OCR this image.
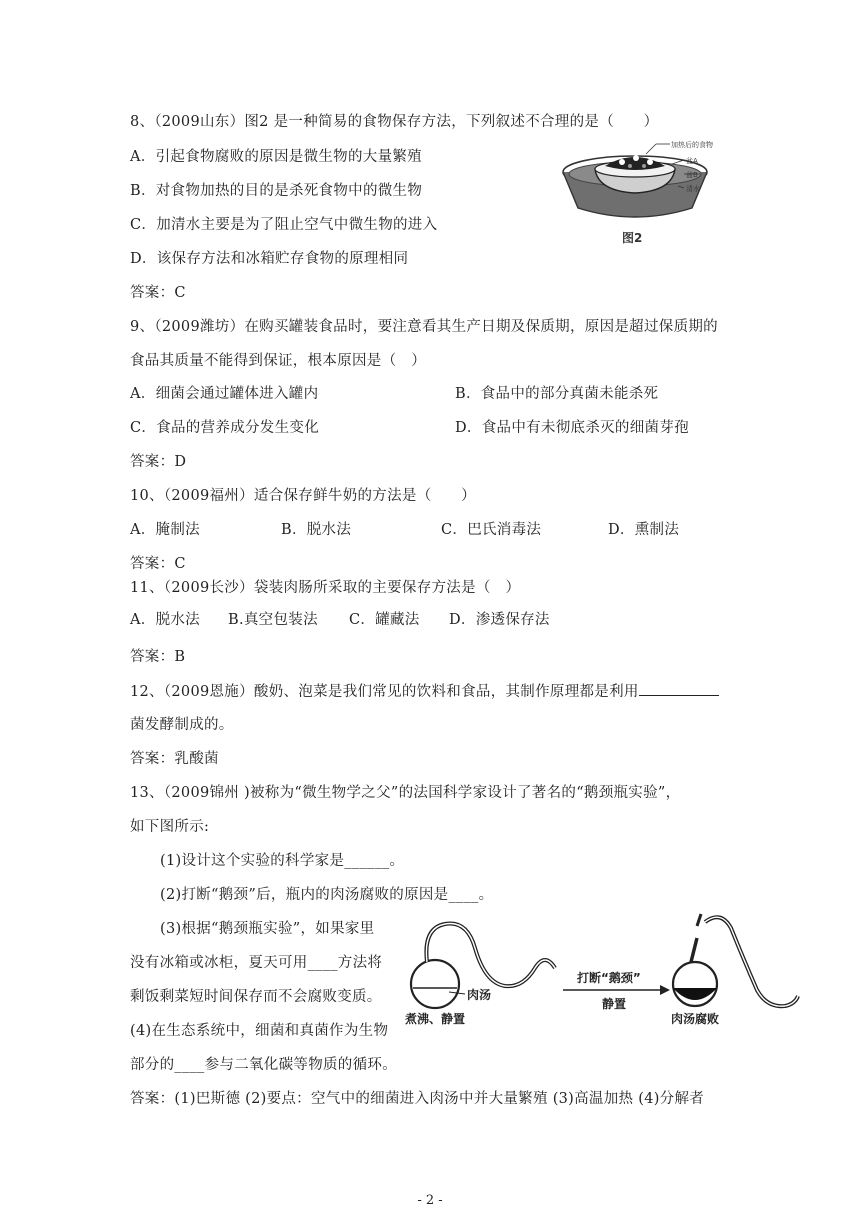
8、（2009山东）图2 是一种简易的食物保存方法，下列叙述不合理的是（　　）
A．引起食物腐败的原因是微生物的大量繁殖
B．对食物加热的目的是杀死食物中的微生物
C．加清水主要是为了阻止空气中微生物的进入
D．该保存方法和冰箱贮存食物的原理相同
答案：C
加热后的食物
盆A
盆B
清水
图2
9、（2009潍坊）在购买罐装食品时，要注意看其生产日期及保质期，原因是超过保质期的
食品其质量不能得到保证，根本原因是（　）
A．细菌会通过罐体进入罐内	B．食品中的部分真菌未能杀死
C．食品的营养成分发生变化	D．食品中有未彻底杀灭的细菌芽孢
答案：D
10、（2009福州）适合保存鲜牛奶的方法是（　　）
A．腌制法	B．脱水法	C．巴氏消毒法	D．熏制法
答案：C
11、（2009长沙）袋装肉肠所采取的主要保存方法是（　）
A．脱水法 B.真空包装法 C．罐藏法 D．渗透保存法
答案：B
12、（2009恩施）酸奶、泡菜是我们常见的饮料和食品，其制作原理都是利用
菌发酵制成的。
答案：乳酸菌
13、（2009锦州 )被称为“微生物学之父”的法国科学家设计了著名的“鹅颈瓶实验”，
如下图所示:
(1)设计这个实验的科学家是______。
(2)打断“鹅颈”后，瓶内的肉汤腐败的原因是____。
(3)根据“鹅颈瓶实验”，如果家里
没有冰箱或冰柜，夏天可用____方法将
剩饭剩菜短时间保存而不会腐败变质。
(4)在生态系统中，细菌和真菌作为生物
部分的____参与二氧化碳等物质的循环。
答案：(1)巴斯德 (2)要点：空气中的细菌进入肉汤中并大量繁殖 (3)高温加热 (4)分解者
肉汤
煮沸、静置
打断“鹅颈”
静置
肉汤腐败
- 2 -
